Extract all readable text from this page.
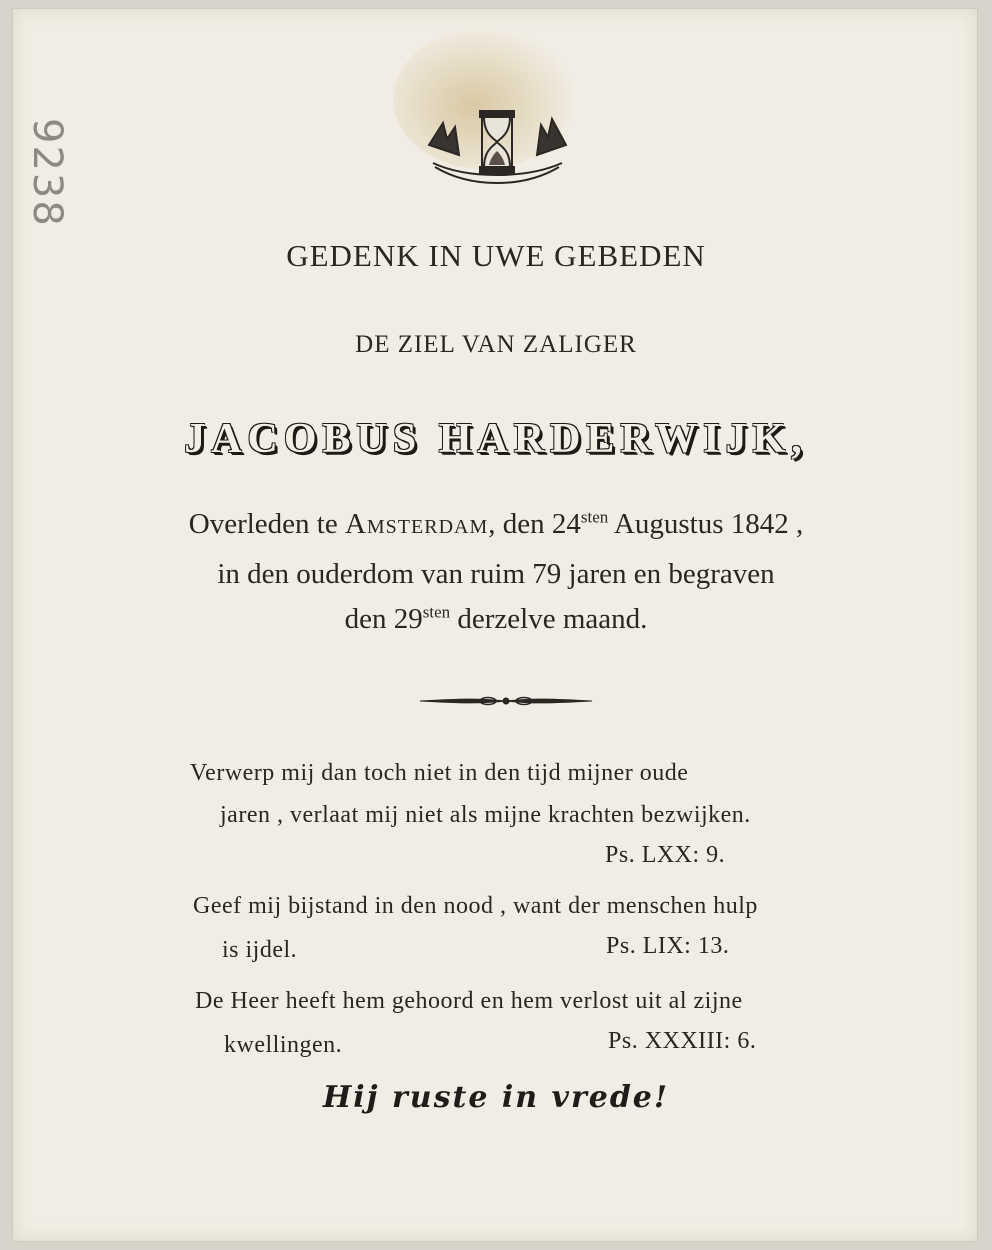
9238
GEDENK IN UWE GEBEDEN
DE ZIEL VAN ZALIGER
JACOBUS HARDERWIJK,
Overleden te Amsterdam, den $24^{sten}$ Augustus 1842 ,
in den ouderdom van ruim 79 jaren en begraven
den $29^{sten}$ derzelve maand.
Verwerp mij dan toch niet in den tijd mijner oude
jaren , verlaat mij niet als mijne krachten bezwijken.
Ps. LXX: 9.
Geef mij bijstand in den nood , want der menschen hulp
is ijdel.	Ps. LIX: 13.
De Heer heeft hem gehoord en hem verlost uit al zijne
kwellingen.	Ps. XXXIII: 6.
Hij ruste in vrede!
